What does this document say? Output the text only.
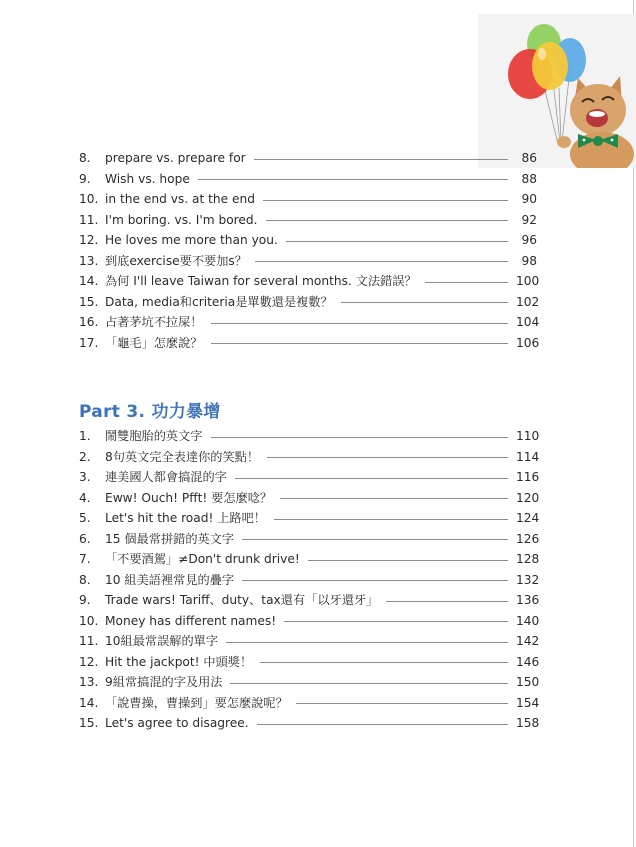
8.	prepare vs. prepare for	86
9.	Wish vs. hope	88
10. in the end vs. at the end	90
11. I'm boring. vs. I'm bored.	92
12. He loves me more than you.	96
13. 到底exercise要不要加s？	98
14. 為何 I'll leave Taiwan for several months. 文法錯誤？	100
15. Data, media和criteria是單數還是複數？	102
16. 占著茅坑不拉屎！	104
17. 「龜毛」怎麼說？	106
Part 3. 功力暴增
1.	鬧雙胞胎的英文字	110
2.	8句英文完全表達你的笑點！	114
3.	連美國人都會搞混的字	116
4.	Eww! Ouch! Pfft! 要怎麼唸？	120
5.	Let's hit the road! 上路吧！	124
6.	15 個最常拼錯的英文字	126
7.	「不要酒駕」≠Don't drunk drive!	128
8.	10 組美語裡常見的疊字	132
9.	Trade wars! Tariff、duty、tax還有「以牙還牙」	136
10. Money has different names!	140
11. 10組最常誤解的單字	142
12. Hit the jackpot! 中頭獎！	146
13. 9組常搞混的字及用法	150
14. 「說曹操，曹操到」要怎麼說呢？	154
15. Let's agree to disagree.	158
